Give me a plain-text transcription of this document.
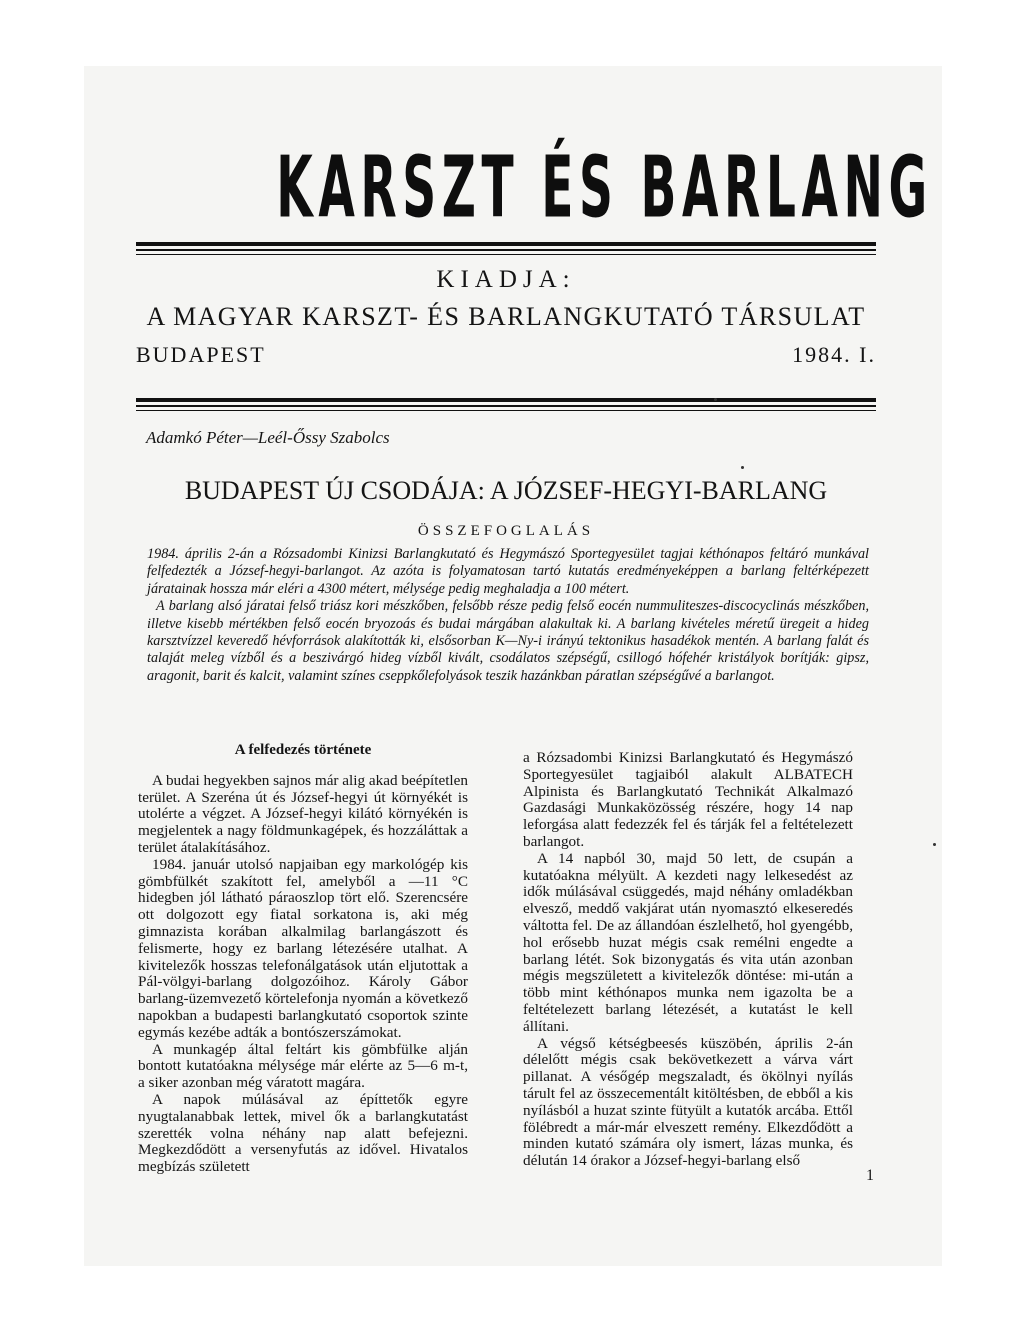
KARSZT ÉS BARLANG
KIADJA:
A MAGYAR KARSZT- ÉS BARLANGKUTATÓ TÁRSULAT
BUDAPEST	1984. I.
Adamkó Péter—Leél-Őssy Szabolcs
BUDAPEST ÚJ CSODÁJA: A JÓZSEF-HEGYI-BARLANG
ÖSSZEFOGLALÁS

1984. április 2-án a Rózsadombi Kinizsi Barlangkutató és Hegymászó Sportegyesület tagjai kéthónapos feltáró munkával felfedezték a József-hegyi-barlangot. Az azóta is folyamatosan tartó kutatás eredményeképpen a barlang feltérképezett járatainak hossza már eléri a 4300 métert, mélysége pedig meghaladja a 100 métert.

A barlang alsó járatai felső triász kori mészkőben, felsőbb része pedig felső eocén nummuliteszes-discocyclinás mészkőben, illetve kisebb mértékben felső eocén bryozoás és budai márgában alakultak ki. A barlang kivételes méretű üregeit a hideg karsztvízzel keveredő hévforrások alakították ki, elsősorban K—Ny-i irányú tektonikus hasadékok mentén. A barlang falát és talaját meleg vízből és a beszivárgó hideg vízből kivált, csodálatos szépségű, csillogó hófehér kristályok borítják: gipsz, aragonit, barit és kalcit, valamint színes cseppkőlefolyások teszik hazánkban páratlan szépségűvé a barlangot.

A felfedezés története

A budai hegyekben sajnos már alig akad beépítetlen terület. A Szeréna út és József-hegyi út környékét is utolérte a végzet. A József-hegyi kilátó környékén is megjelentek a nagy földmunkagépek, és hozzáláttak a terület átalakításához.

1984. január utolsó napjaiban egy markológép kis gömbfülkét szakított fel, amelyből a —11 °C hidegben jól látható páraoszlop tört elő. Szerencsére ott dolgozott egy fiatal sorkatona is, aki még gimnazista korában alkalmilag barlangászott és felismerte, hogy ez barlang létezésére utalhat. A kivitelezők hosszas telefonálgatások után eljutottak a Pál-völgyi-barlang dolgozóihoz. Károly Gábor barlang-üzemvezető körtelefonja nyomán a következő napokban a budapesti barlangkutató csoportok szinte egymás kezébe adták a bontószerszámokat.

A munkagép által feltárt kis gömbfülke alján bontott kutatóakna mélysége már elérte az 5—6 m-t, a siker azonban még váratott magára.

A napok múlásával az építtetők egyre nyugtalanabbak lettek, mivel ők a barlangkutatást szerették volna néhány nap alatt befejezni. Megkezdődött a versenyfutás az idővel. Hivatalos megbízás született

a Rózsadombi Kinizsi Barlangkutató és Hegymászó Sportegyesület tagjaiból alakult ALBATECH Alpinista és Barlangkutató Technikát Alkalmazó Gazdasági Munkaközösség részére, hogy 14 nap leforgása alatt fedezzék fel és tárják fel a feltételezett barlangot.

A 14 napból 30, majd 50 lett, de csupán a kutatóakna mélyült. A kezdeti nagy lelkesedést az idők múlásával csüggedés, majd néhány omladékban elvesző, meddő vakjárat után nyomasztó elkeseredés váltotta fel. De az állandóan észlelhető, hol gyengébb, hol erősebb huzat mégis csak remélni engedte a barlang létét. Sok bizonygatás és vita után azonban mégis megszületett a kivitelezők döntése: mi-után a több mint kéthónapos munka nem igazolta be a feltételezett barlang létezését, a kutatást le kell állítani.

A végső kétségbeesés küszöbén, április 2-án délelőtt mégis csak bekövetkezett a várva várt pillanat. A vésőgép megszaladt, és ökölnyi nyílás tárult fel az összecementált kitöltésben, de ebből a kis nyílásból a huzat szinte fütyült a kutatók arcába. Ettől fölébredt a már-már elveszett remény. Elkezdődött a minden kutató számára oly ismert, lázas munka, és délután 14 órakor a József-hegyi-barlang első

1
